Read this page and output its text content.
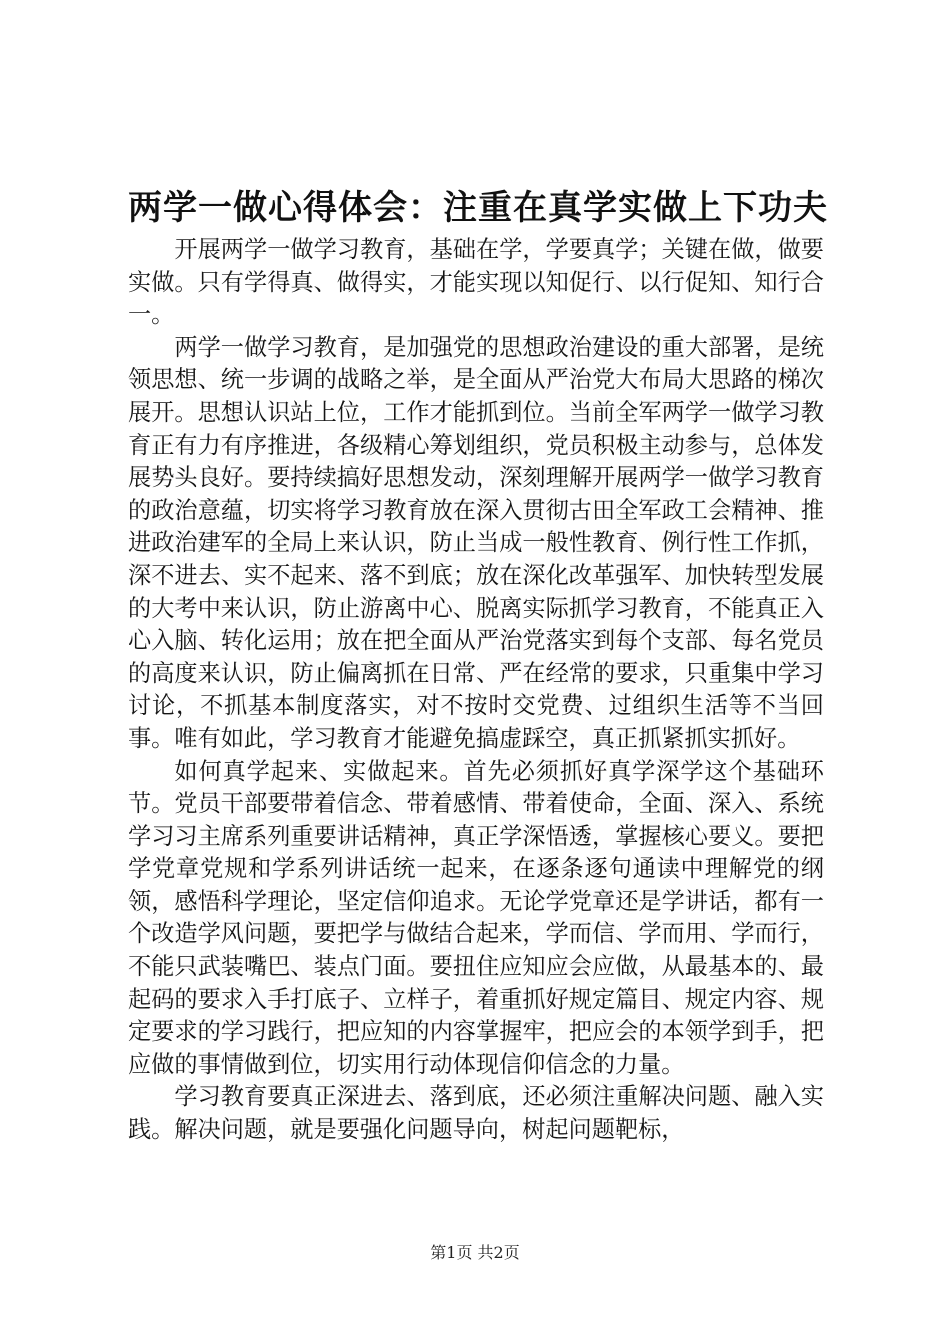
两学一做心得体会：注重在真学实做上下功夫

开展两学一做学习教育，基础在学，学要真学；关键在做，做要实做。只有学得真、做得实，才能实现以知促行、以行促知、知行合一。

两学一做学习教育，是加强党的思想政治建设的重大部署，是统领思想、统一步调的战略之举，是全面从严治党大布局大思路的梯次展开。思想认识站上位，工作才能抓到位。当前全军两学一做学习教育正有力有序推进，各级精心筹划组织，党员积极主动参与，总体发展势头良好。要持续搞好思想发动，深刻理解开展两学一做学习教育的政治意蕴，切实将学习教育放在深入贯彻古田全军政工会精神、推进政治建军的全局上来认识，防止当成一般性教育、例行性工作抓，深不进去、实不起来、落不到底；放在深化改革强军、加快转型发展的大考中来认识，防止游离中心、脱离实际抓学习教育，不能真正入心入脑、转化运用；放在把全面从严治党落实到每个支部、每名党员的高度来认识，防止偏离抓在日常、严在经常的要求，只重集中学习讨论，不抓基本制度落实，对不按时交党费、过组织生活等不当回事。唯有如此，学习教育才能避免搞虚踩空，真正抓紧抓实抓好。

如何真学起来、实做起来。首先必须抓好真学深学这个基础环节。党员干部要带着信念、带着感情、带着使命，全面、深入、系统学习习主席系列重要讲话精神，真正学深悟透，掌握核心要义。要把学党章党规和学系列讲话统一起来，在逐条逐句通读中理解党的纲领，感悟科学理论，坚定信仰追求。无论学党章还是学讲话，都有一个改造学风问题，要把学与做结合起来，学而信、学而用、学而行，不能只武装嘴巴、装点门面。要扭住应知应会应做，从最基本的、最起码的要求入手打底子、立样子，着重抓好规定篇目、规定内容、规定要求的学习践行，把应知的内容掌握牢，把应会的本领学到手，把应做的事情做到位，切实用行动体现信仰信念的力量。

学习教育要真正深进去、落到底，还必须注重解决问题、融入实践。解决问题，就是要强化问题导向，树起问题靶标，

第1页 共2页
